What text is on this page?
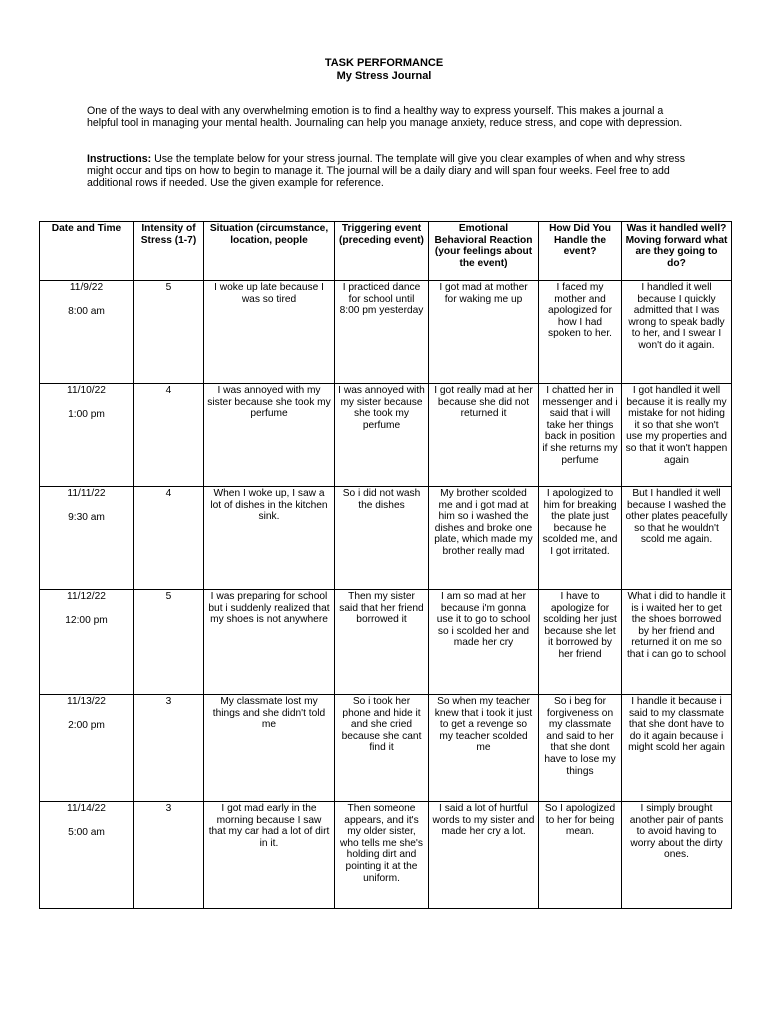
TASK PERFORMANCE
My Stress Journal
One of the ways to deal with any overwhelming emotion is to find a healthy way to express yourself. This makes a journal a helpful tool in managing your mental health. Journaling can help you manage anxiety, reduce stress, and cope with depression.
Instructions: Use the template below for your stress journal. The template will give you clear examples of when and why stress might occur and tips on how to begin to manage it. The journal will be a daily diary and will span four weeks. Feel free to add additional rows if needed. Use the given example for reference.
Date and Time	Intensity of Stress (1-7)	Situation (circumstance, location, people	Triggering event (preceding event)	Emotional Behavioral Reaction (your feelings about the event)	How Did You Handle the event?	Was it handled well? Moving forward what are they going to do?

11/9/22
8:00 am	5	I woke up late because I was so tired	I practiced dance for school until 8:00 pm yesterday	I got mad at mother for waking me up	I faced my mother and apologized for how I had spoken to her.	I handled it well because I quickly admitted that I was wrong to speak badly to her, and I swear I won't do it again.

11/10/22
1:00 pm	4	I was annoyed with my sister because she took my perfume	I was annoyed with my sister because she took my perfume	I got really mad at her because she did not returned it	I chatted her in messenger and i said that i will take her things back in position if she returns my perfume	I got handled it well because it is really my mistake for not hiding it so that she won't use my properties and so that it won't happen again

11/11/22
9:30 am	4	When I woke up, I saw a lot of dishes in the kitchen sink.	So i did not wash the dishes	My brother scolded me and i got mad at him so i washed the dishes and broke one plate, which made my brother really mad	I apologized to him for breaking the plate just because he scolded me, and I got irritated.	But I handled it well because I washed the other plates peacefully so that he wouldn't scold me again.

11/12/22
12:00 pm	5	I was preparing for school but i suddenly realized that my shoes is not anywhere	Then my sister said that her friend borrowed it	I am so mad at her because i'm gonna use it to go to school so i scolded her and made her cry	I have to apologize for scolding her just because she let it borrowed by her friend	What i did to handle it is i waited her to get the shoes borrowed by her friend and returned it on me so that i can go to school

11/13/22
2:00 pm	3	My classmate lost my things and she didn't told me	So i took her phone and hide it and she cried because she cant find it	So when my teacher knew that i took it just to get a revenge so my teacher scolded me	So i beg for forgiveness on my classmate and said to her that she dont have to lose my things	I handle it because i said to my classmate that she dont have to do it again because i might scold her again

11/14/22
5:00 am	3	I got mad early in the morning because I saw that my car had a lot of dirt in it.	Then someone appears, and it's my older sister, who tells me she's holding dirt and pointing it at the uniform.	I said a lot of hurtful words to my sister and made her cry a lot.	So I apologized to her for being mean.	I simply brought another pair of pants to avoid having to worry about the dirty ones.
